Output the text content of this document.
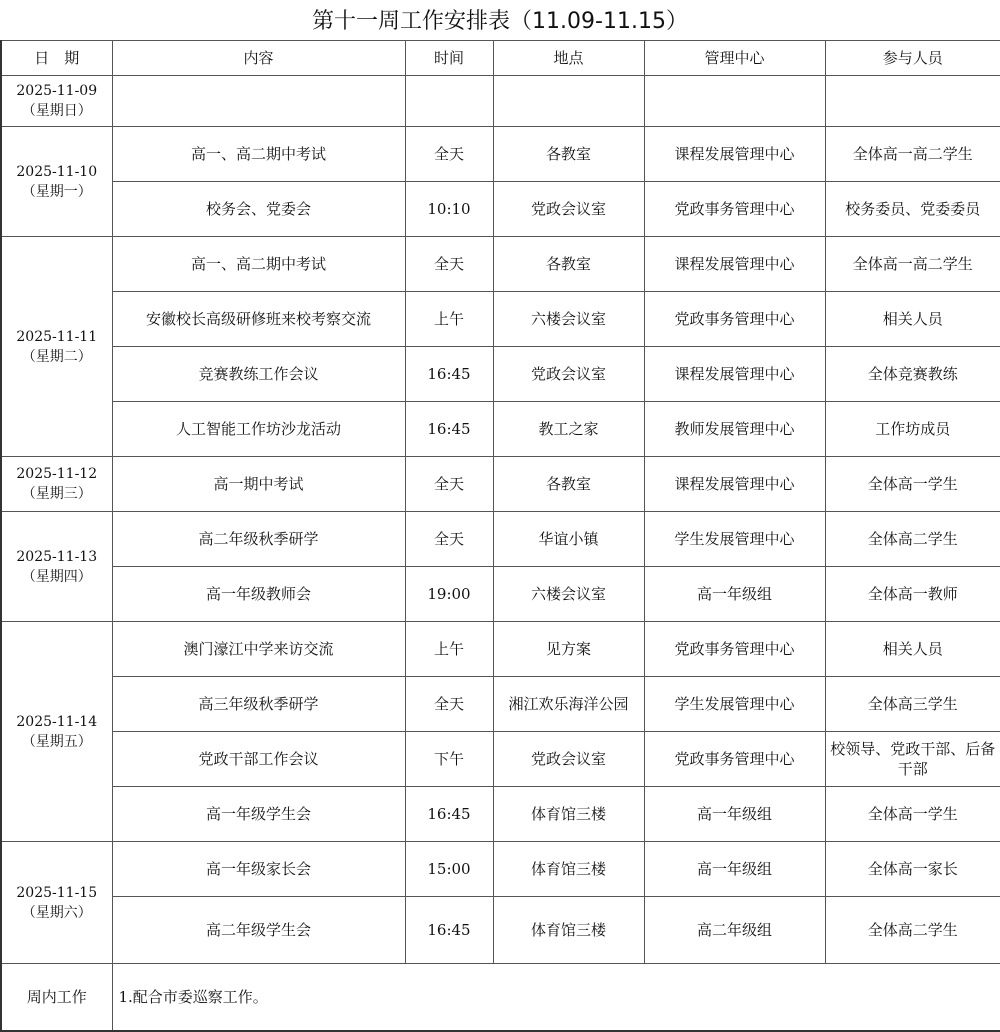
第十一周工作安排表（11.09-11.15）
日　期	内容	时间	地点	管理中心	参与人员

2025-11-09
（星期日）					

2025-11-10
（星期一）	高一、高二期中考试	全天	各教室	课程发展管理中心	全体高一高二学生
	校务会、党委会	10:10	党政会议室	党政事务管理中心	校务委员、党委委员

2025-11-11
（星期二）	高一、高二期中考试	全天	各教室	课程发展管理中心	全体高一高二学生
	安徽校长高级研修班来校考察交流	上午	六楼会议室	党政事务管理中心	相关人员
	竞赛教练工作会议	16:45	党政会议室	课程发展管理中心	全体竞赛教练
	人工智能工作坊沙龙活动	16:45	教工之家	教师发展管理中心	工作坊成员

2025-11-12
（星期三）	高一期中考试	全天	各教室	课程发展管理中心	全体高一学生

2025-11-13
（星期四）	高二年级秋季研学	全天	华谊小镇	学生发展管理中心	全体高二学生
	高一年级教师会	19:00	六楼会议室	高一年级组	全体高一教师

2025-11-14
（星期五）	澳门濠江中学来访交流	上午	见方案	党政事务管理中心	相关人员
	高三年级秋季研学	全天	湘江欢乐海洋公园	学生发展管理中心	全体高三学生
	党政干部工作会议	下午	党政会议室	党政事务管理中心	校领导、党政干部、后备干部
	高一年级学生会	16:45	体育馆三楼	高一年级组	全体高一学生

2025-11-15
（星期六）	高一年级家长会	15:00	体育馆三楼	高一年级组	全体高一家长
	高二年级学生会	16:45	体育馆三楼	高二年级组	全体高二学生
周内工作	1.配合市委巡察工作。				
